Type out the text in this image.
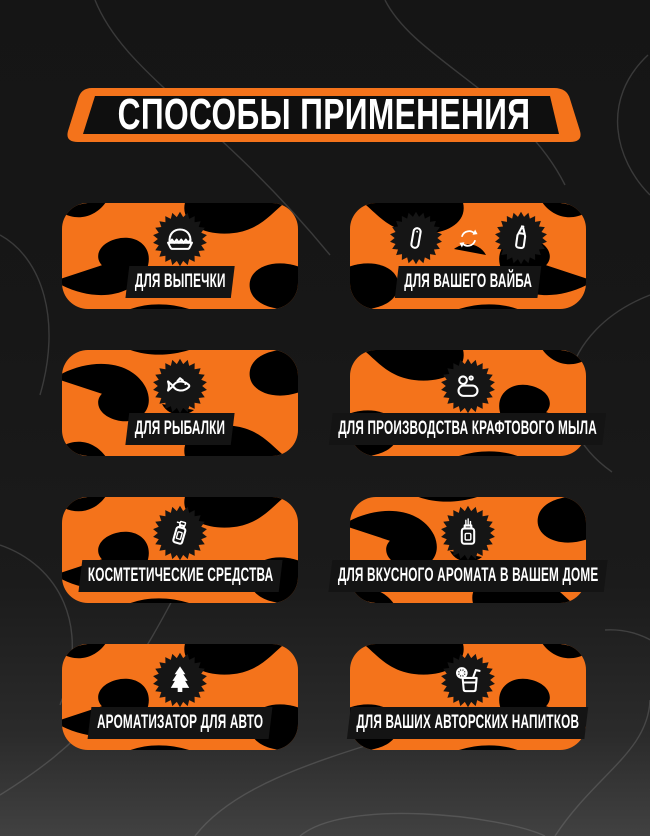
СПОСОБЫ ПРИМЕНЕНИЯ
ДЛЯ ВЫПЕЧКИ	ДЛЯ ВАШЕГО ВАЙБА
ДЛЯ РЫБАЛКИ	ДЛЯ ПРОИЗВОДСТВА КРАФТОВОГО МЫЛА
КОСМТЕТИЧЕСКИЕ СРЕДСТВА	ДЛЯ ВКУСНОГО АРОМАТА В ВАШЕМ ДОМЕ
АРОМАТИЗАТОР ДЛЯ АВТО	ДЛЯ ВАШИХ АВТОРСКИХ НАПИТКОВ
